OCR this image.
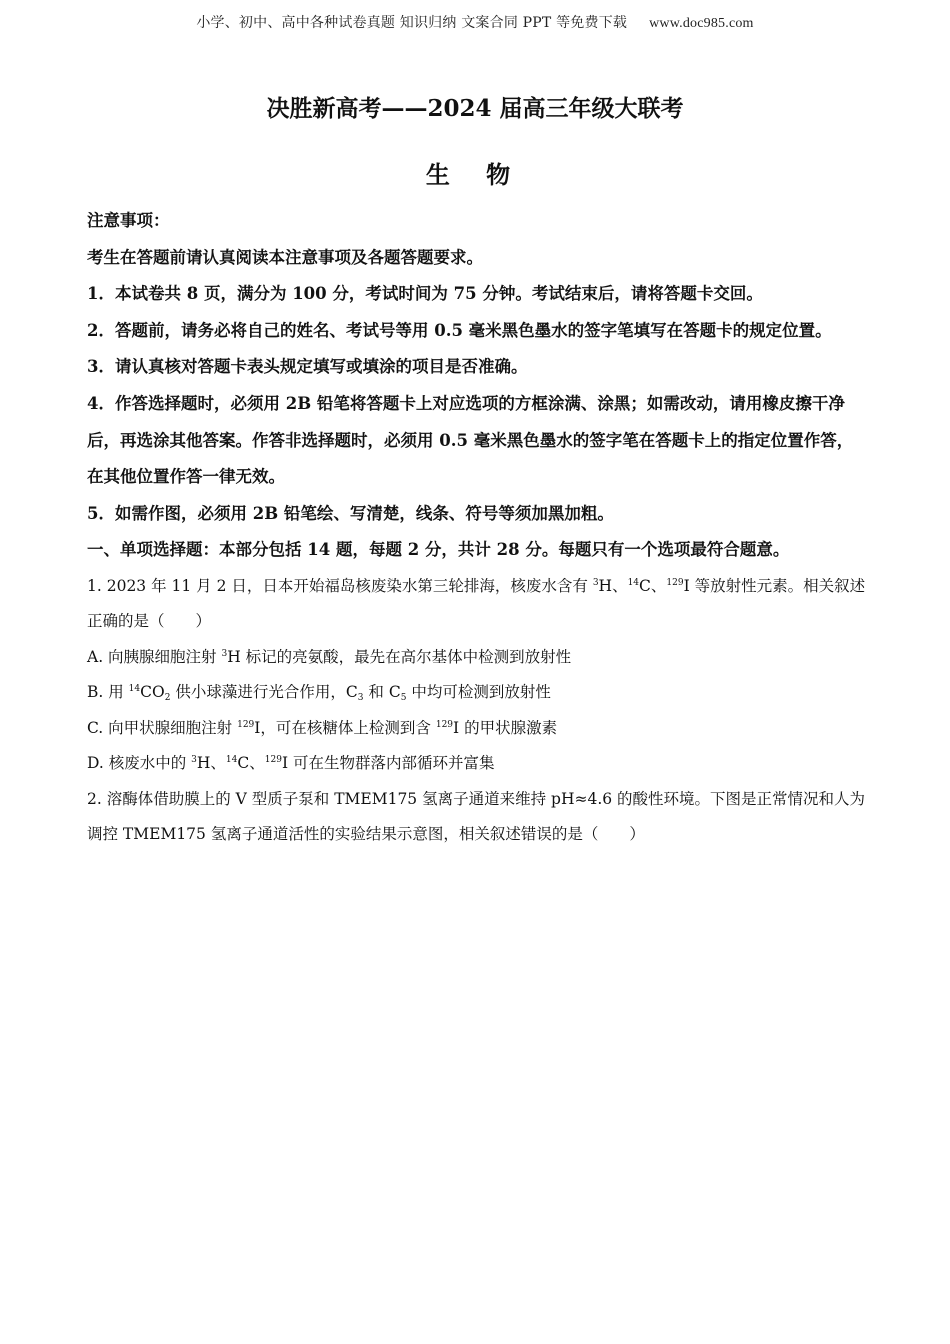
小学、初中、高中各种试卷真题 知识归纳 文案合同 PPT 等免费下载 www.doc985.com
决胜新高考——2024 届高三年级大联考
生 物
注意事项：
考生在答题前请认真阅读本注意事项及各题答题要求。
1．本试卷共 8 页，满分为 100 分，考试时间为 75 分钟。考试结束后，请将答题卡交回。
2．答题前，请务必将自己的姓名、考试号等用 0.5 毫米黑色墨水的签字笔填写在答题卡的规定位置。
3．请认真核对答题卡表头规定填写或填涂的项目是否准确。
4．作答选择题时，必须用 2B 铅笔将答题卡上对应选项的方框涂满、涂黑；如需改动，请用橡皮擦干净后，再选涂其他答案。作答非选择题时，必须用 0.5 毫米黑色墨水的签字笔在答题卡上的指定位置作答，在其他位置作答一律无效。
5．如需作图，必须用 2B 铅笔绘、写清楚，线条、符号等须加黑加粗。
一、单项选择题：本部分包括 14 题，每题 2 分，共计 28 分。每题只有一个选项最符合题意。
1. 2023 年 11 月 2 日，日本开始福岛核废染水第三轮排海，核废水含有 $^3$H、$^{14}$C、$^{129}$I 等放射性元素。相关叙述正确的是（ ）
A. 向胰腺细胞注射 $^3$H 标记的亮氨酸，最先在高尔基体中检测到放射性
B. 用 $^{14}CO_2$ 供小球藻进行光合作用，$C_3$ 和 $C_5$ 中均可检测到放射性
C. 向甲状腺细胞注射 $^{129}$I，可在核糖体上检测到含 $^{129}$I 的甲状腺激素
D. 核废水中的 $^3$H、$^{14}$C、$^{129}$I 可在生物群落内部循环并富集
2. 溶酶体借助膜上的 V 型质子泵和 TMEM175 氢离子通道来维持 pH≈4.6 的酸性环境。下图是正常情况和人为调控 TMEM175 氢离子通道活性的实验结果示意图，相关叙述错误的是（ ）
